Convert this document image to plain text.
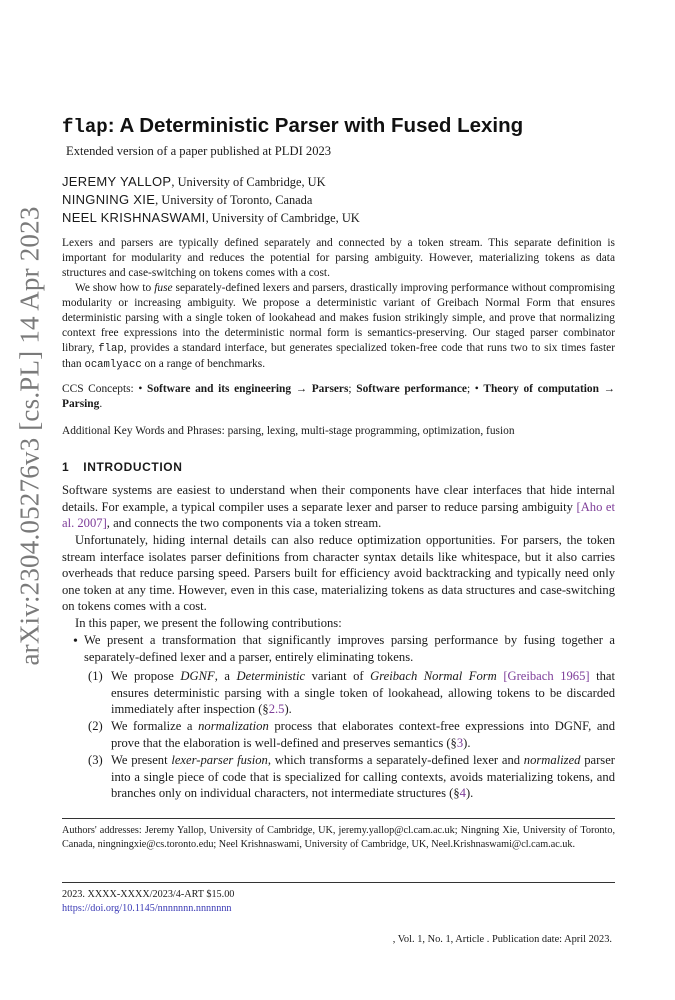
arXiv:2304.05276v3 [cs.PL] 14 Apr 2023
flap: A Deterministic Parser with Fused Lexing
Extended version of a paper published at PLDI 2023
JEREMY YALLOP, University of Cambridge, UK
NINGNING XIE, University of Toronto, Canada
NEEL KRISHNASWAMI, University of Cambridge, UK

Lexers and parsers are typically defined separately and connected by a token stream. This separate definition is important for modularity and reduces the potential for parsing ambiguity. However, materializing tokens as data structures and case-switching on tokens comes with a cost.

We show how to fuse separately-defined lexers and parsers, drastically improving performance without compromising modularity or increasing ambiguity. We propose a deterministic variant of Greibach Normal Form that ensures deterministic parsing with a single token of lookahead and makes fusion strikingly simple, and prove that normalizing context free expressions into the deterministic normal form is semantics-preserving. Our staged parser combinator library, flap, provides a standard interface, but generates specialized token-free code that runs two to six times faster than ocamlyacc on a range of benchmarks.

CCS Concepts: • Software and its engineering → Parsers; Software performance; • Theory of computation → Parsing.

Additional Key Words and Phrases: parsing, lexing, multi-stage programming, optimization, fusion

1 INTRODUCTION

Software systems are easiest to understand when their components have clear interfaces that hide internal details. For example, a typical compiler uses a separate lexer and parser to reduce parsing ambiguity [Aho et al. 2007], and connects the two components via a token stream.

Unfortunately, hiding internal details can also reduce optimization opportunities. For parsers, the token stream interface isolates parser definitions from character syntax details like whitespace, but it also carries overheads that reduce parsing speed. Parsers built for efficiency avoid backtracking and typically need only one token at any time. However, even in this case, materializing tokens as data structures and case-switching on tokens comes with a cost.

In this paper, we present the following contributions:

• We present a transformation that significantly improves parsing performance by fusing together a separately-defined lexer and a parser, entirely eliminating tokens.

(1) We propose DGNF, a Deterministic variant of Greibach Normal Form [Greibach 1965] that ensures deterministic parsing with a single token of lookahead, allowing tokens to be discarded immediately after inspection (§2.5).

(2) We formalize a normalization process that elaborates context-free expressions into DGNF, and prove that the elaboration is well-defined and preserves semantics (§3).

(3) We present lexer-parser fusion, which transforms a separately-defined lexer and normalized parser into a single piece of code that is specialized for calling contexts, avoids materializing tokens, and branches only on individual characters, not intermediate structures (§4).

Authors' addresses: Jeremy Yallop, University of Cambridge, UK, jeremy.yallop@cl.cam.ac.uk; Ningning Xie, University of Toronto, Canada, ningningxie@cs.toronto.edu; Neel Krishnaswami, University of Cambridge, UK, Neel.Krishnaswami@cl.cam.ac.uk.

2023. XXXX-XXXX/2023/4-ART $15.00

https://doi.org/10.1145/nnnnnnn.nnnnnnn

, Vol. 1, No. 1, Article . Publication date: April 2023.
